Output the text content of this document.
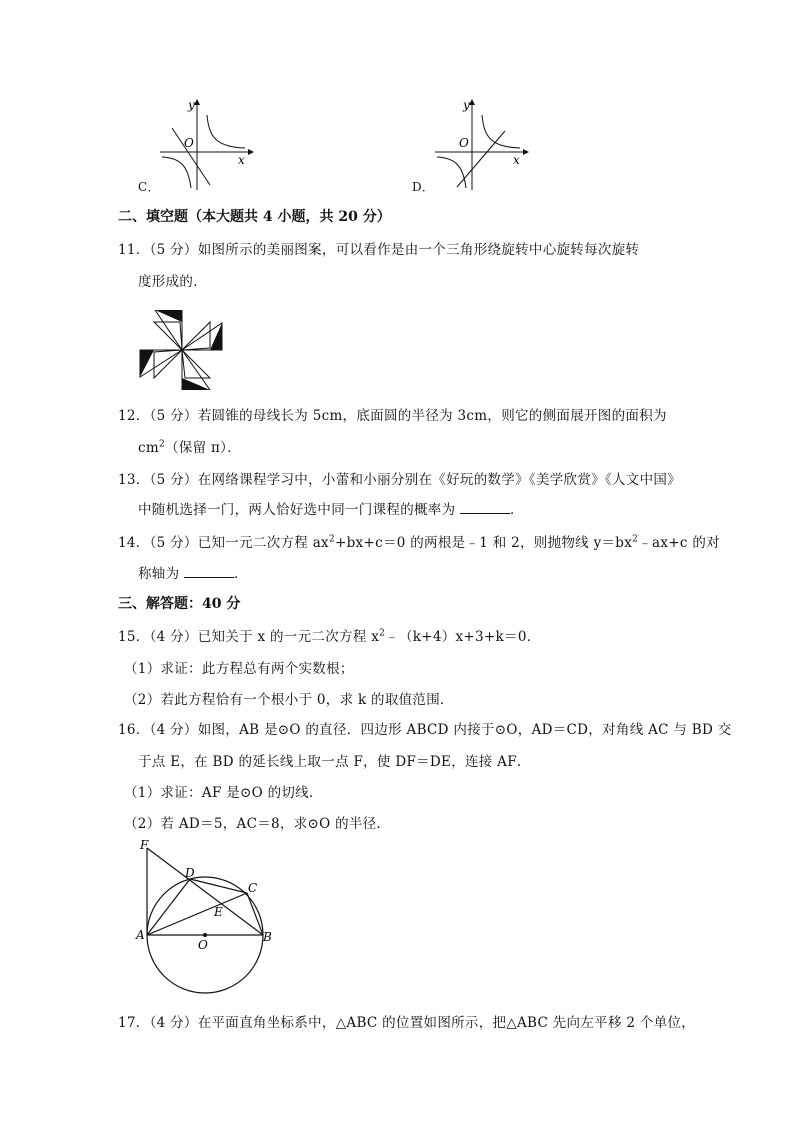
y
O
x
C．
y
O
x
D．
二、填空题（本大题共 4 小题，共 20 分）
11．（5 分）如图所示的美丽图案，可以看作是由一个三角形绕旋转中心旋转每次旋转
度形成的．
12．（5 分）若圆锥的母线长为 5cm，底面圆的半径为 3cm，则它的侧面展开图的面积为
$cm^2$（保留 π）．
13．（5 分）在网络课程学习中，小蕾和小丽分别在《好玩的数学》《美学欣赏》《人文中国》
中随机选择一门，两人恰好选中同一门课程的概率为	．
14．（5 分）已知一元二次方程 $ax^2+bx+c=0$ 的两根是﹣1 和 2，则抛物线 $y=bx^2﹣ax+c$ 的对
称轴为	．
三、解答题：40 分
15．（4 分）已知关于 x 的一元二次方程 $x^2﹣(k+4)x+3+k=0$．
（1）求证：此方程总有两个实数根；
（2）若此方程恰有一个根小于 0，求 k 的取值范围．
16．（4 分）如图，AB 是⊙O 的直径．四边形 ABCD 内接于⊙O，AD＝CD，对角线 AC 与 BD 交
于点 E，在 BD 的延长线上取一点 F，使 DF＝DE，连接 AF．
（1）求证：AF 是⊙O 的切线．
（2）若 AD＝5，AC＝8，求⊙O 的半径．
F
D
C
E
A
O
B
17．（4 分）在平面直角坐标系中，△ABC 的位置如图所示，把△ABC 先向左平移 2 个单位，
